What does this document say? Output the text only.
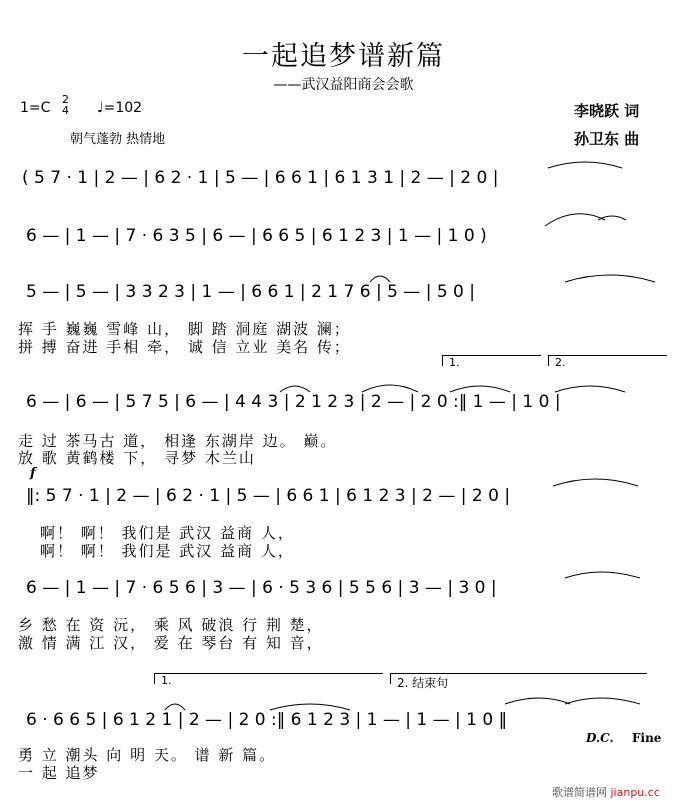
一起追梦谱新篇
——武汉益阳商会会歌
1=C
2
4 ♩=102
朝气蓬勃 热情地
李晓跃 词
孙卫东 曲
( 5 7 · 1 | 2 — | 6 2 · 1 | 5 — | 6 6 1 | 6 1 3 1 | 2 — | 2 0 |
6 — | 1 — | 7 · 6 3 5 | 6 — | 6 6 5 | 6 1 2 3 | 1 — | 1 0 )
5 — | 5 — | 3 3 2 3 | 1 — | 6 6 1 | 2 1 7 6 | 5 — | 5 0 |
挥 手 巍巍 雪峰 山， 脚 踏 洞庭 湖波 澜；
拼 搏 奋进 手相 牵， 诚 信 立业 美名 传；
1.	2.
6 — | 6 — | 5 7 5 | 6 — | 4 4 3 | 2 1 2 3 | 2 — | 2 0 :‖ 1 — | 1 0 |
走 过 茶马古 道， 相逢 东湖岸 边。 巅。
放 歌 黄鹤楼 下， 寻梦 木兰山
f
‖: 5 7 · 1 | 2 — | 6 2 · 1 | 5 — | 6 6 1 | 6 1 2 3 | 2 — | 2 0 |
啊！ 啊！ 我们是 武汉 益商 人，
啊！ 啊！ 我们是 武汉 益商 人，
6 — | 1 — | 7 · 6 5 6 | 3 — | 6 · 5 3 6 | 5 5 6 | 3 — | 3 0 |
乡 愁 在 资 沅， 乘 风 破浪 行 荆 楚，
激 情 满 江 汉， 爱 在 琴台 有 知 音，
1.	2. 结束句
6 · 6 6 5 | 6 1 2 1 | 2 — | 2 0 :‖ 6 1 2 3 | 1 — | 1 — | 1 0 ‖
D.C. Fine
勇 立 潮头 向 明 天。 谱 新 篇。
一 起 追梦
歌谱简谱网 jianpu.cc
